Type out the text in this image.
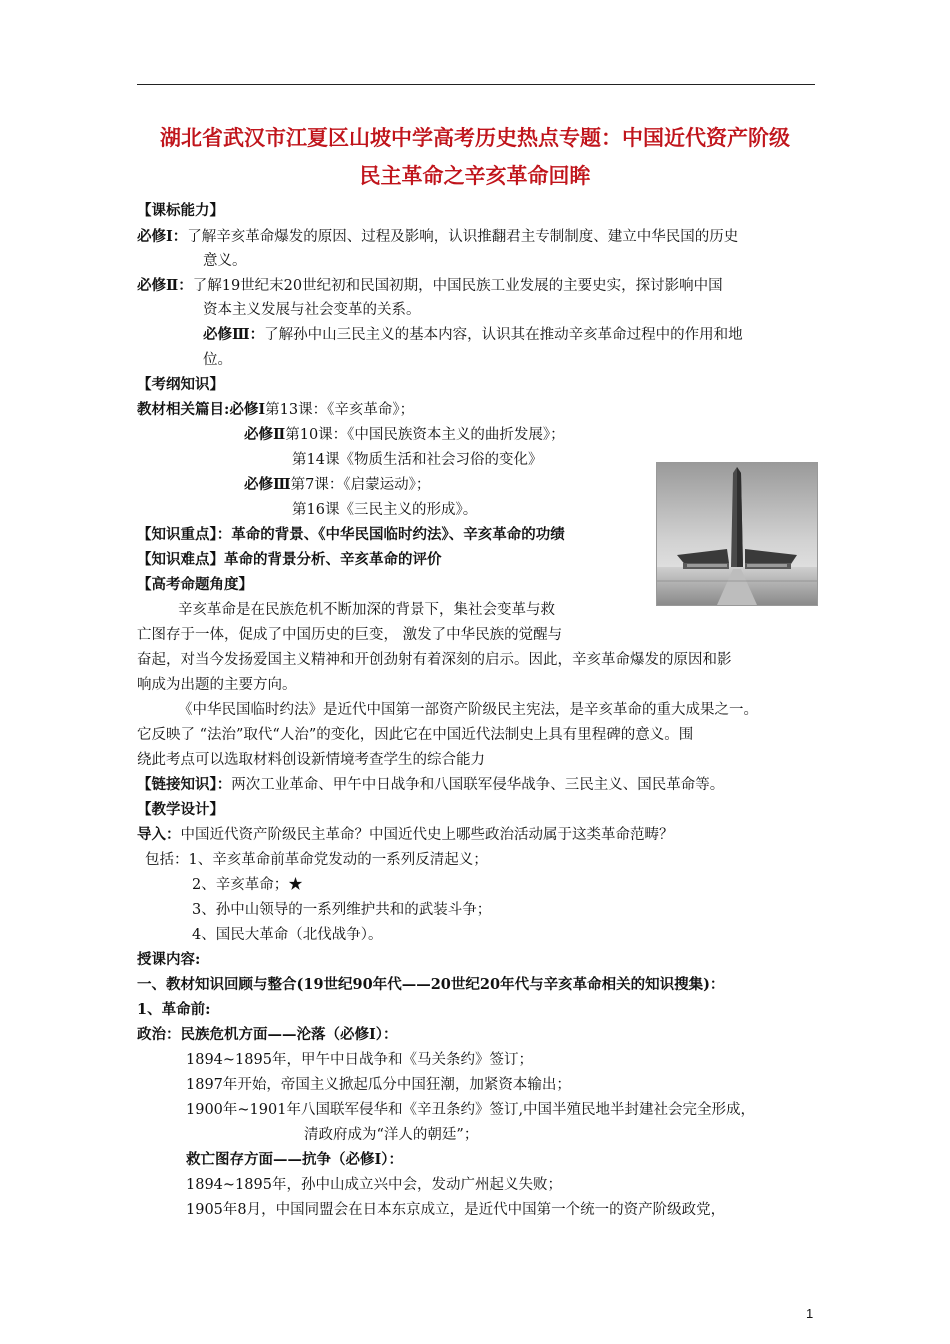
湖北省武汉市江夏区山坡中学高考历史热点专题：中国近代资产阶级
民主革命之辛亥革命回眸
【课标能力】
必修Ⅰ：了解辛亥革命爆发的原因、过程及影响，认识推翻君主专制制度、建立中华民国的历史
意义。
必修Ⅱ：了解19世纪末20世纪初和民国初期，中国民族工业发展的主要史实，探讨影响中国
资本主义发展与社会变革的关系。
必修Ⅲ：了解孙中山三民主义的基本内容，认识其在推动辛亥革命过程中的作用和地
位。
【考纲知识】
教材相关篇目:必修Ⅰ第13课：《辛亥革命》；
必修Ⅱ第10课：《中国民族资本主义的曲折发展》；
第14课《物质生活和社会习俗的变化》
必修Ⅲ第7课：《启蒙运动》；
第16课《三民主义的形成》。
【知识重点】：革命的背景、《中华民国临时约法》、辛亥革命的功绩
【知识难点】革命的背景分析、辛亥革命的评价
【高考命题角度】
辛亥革命是在民族危机不断加深的背景下，集社会变革与救
亡图存于一体，促成了中国历史的巨变， 激发了中华民族的觉醒与
奋起，对当今发扬爱国主义精神和开创劲射有着深刻的启示。因此，辛亥革命爆发的原因和影
响成为出题的主要方向。
《中华民国临时约法》是近代中国第一部资产阶级民主宪法，是辛亥革命的重大成果之一。
它反映了 “法治”取代“人治”的变化，因此它在中国近代法制史上具有里程碑的意义。围
绕此考点可以选取材料创设新情境考查学生的综合能力
【链接知识】：两次工业革命、甲午中日战争和八国联军侵华战争、三民主义、国民革命等。
【教学设计】
导入：中国近代资产阶级民主革命？中国近代史上哪些政治活动属于这类革命范畴？
包括：1、辛亥革命前革命党发动的一系列反清起义；
2、辛亥革命；★
3、孙中山领导的一系列维护共和的武装斗争；
4、国民大革命（北伐战争）。
授课内容:
一、教材知识回顾与整合(19世纪90年代——20世纪20年代与辛亥革命相关的知识搜集)：
1、革命前:
政治：民族危机方面——沦落（必修Ⅰ）：
1894~1895年，甲午中日战争和《马关条约》签订；
1897年开始，帝国主义掀起瓜分中国狂潮，加紧资本输出；
1900年~1901年八国联军侵华和《辛丑条约》签订,中国半殖民地半封建社会完全形成，
清政府成为“洋人的朝廷”；
救亡图存方面——抗争（必修Ⅰ）：
1894~1895年，孙中山成立兴中会，发动广州起义失败；
1905年8月，中国同盟会在日本东京成立，是近代中国第一个统一的资产阶级政党，
1
